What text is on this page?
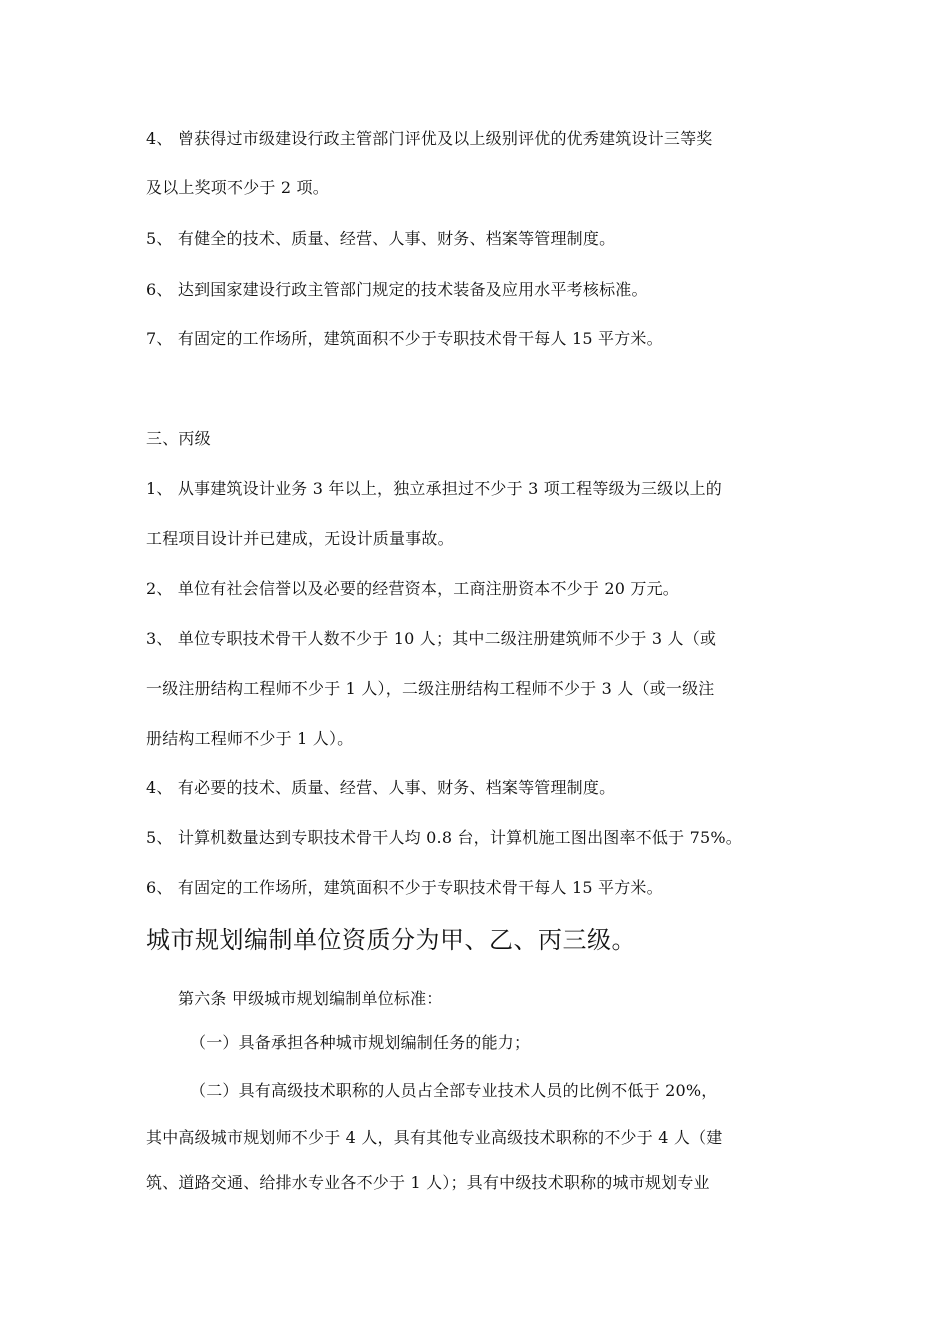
4、 曾获得过市级建设行政主管部门评优及以上级别评优的优秀建筑设计三等奖
及以上奖项不少于 2 项。
5、 有健全的技术、质量、经营、人事、财务、档案等管理制度。
6、 达到国家建设行政主管部门规定的技术装备及应用水平考核标准。
7、 有固定的工作场所，建筑面积不少于专职技术骨干每人 15 平方米。
三、丙级
1、 从事建筑设计业务 3 年以上，独立承担过不少于 3 项工程等级为三级以上的
工程项目设计并已建成，无设计质量事故。
2、 单位有社会信誉以及必要的经营资本，工商注册资本不少于 20 万元。
3、 单位专职技术骨干人数不少于 10 人；其中二级注册建筑师不少于 3 人（或
一级注册结构工程师不少于 1 人），二级注册结构工程师不少于 3 人（或一级注
册结构工程师不少于 1 人）。
4、 有必要的技术、质量、经营、人事、财务、档案等管理制度。
5、 计算机数量达到专职技术骨干人均 0.8 台，计算机施工图出图率不低于 75%。
6、 有固定的工作场所，建筑面积不少于专职技术骨干每人 15 平方米。
城市规划编制单位资质分为甲、乙、丙三级。
第六条 甲级城市规划编制单位标准：
（一）具备承担各种城市规划编制任务的能力；
（二）具有高级技术职称的人员占全部专业技术人员的比例不低于 20%，
其中高级城市规划师不少于 4 人，具有其他专业高级技术职称的不少于 4 人（建
筑、道路交通、给排水专业各不少于 1 人）；具有中级技术职称的城市规划专业
